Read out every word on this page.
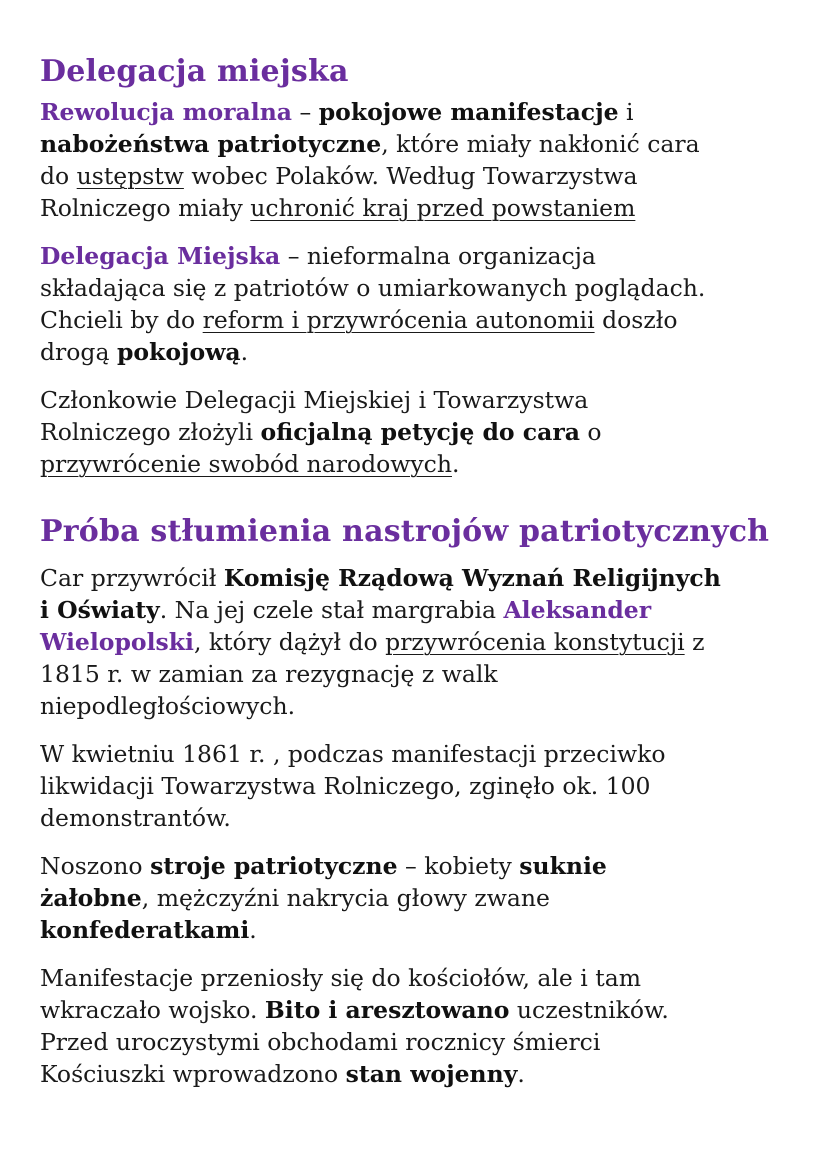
Delegacja miejska

Rewolucja moralna – pokojowe manifestacje i
nabożeństwa patriotyczne, które miały nakłonić cara
do ustępstw wobec Polaków. Według Towarzystwa
Rolniczego miały uchronić kraj przed powstaniem

Delegacja Miejska – nieformalna organizacja
składająca się z patriotów o umiarkowanych poglądach.
Chcieli by do reform i przywrócenia autonomii doszło
drogą pokojową.

Członkowie Delegacji Miejskiej i Towarzystwa
Rolniczego złożyli oficjalną petycję do cara o
przywrócenie swobód narodowych.

Próba stłumienia nastrojów patriotycznych

Car przywrócił Komisję Rządową Wyznań Religijnych
i Oświaty. Na jej czele stał margrabia Aleksander
Wielopolski, który dążył do przywrócenia konstytucji z
1815 r. w zamian za rezygnację z walk
niepodległościowych.

W kwietniu 1861 r. , podczas manifestacji przeciwko
likwidacji Towarzystwa Rolniczego, zginęło ok. 100
demonstrantów.

Noszono stroje patriotyczne – kobiety suknie
żałobne, mężczyźni nakrycia głowy zwane
konfederatkami.

Manifestacje przeniosły się do kościołów, ale i tam
wkraczało wojsko. Bito i aresztowano uczestników.
Przed uroczystymi obchodami rocznicy śmierci
Kościuszki wprowadzono stan wojenny.
